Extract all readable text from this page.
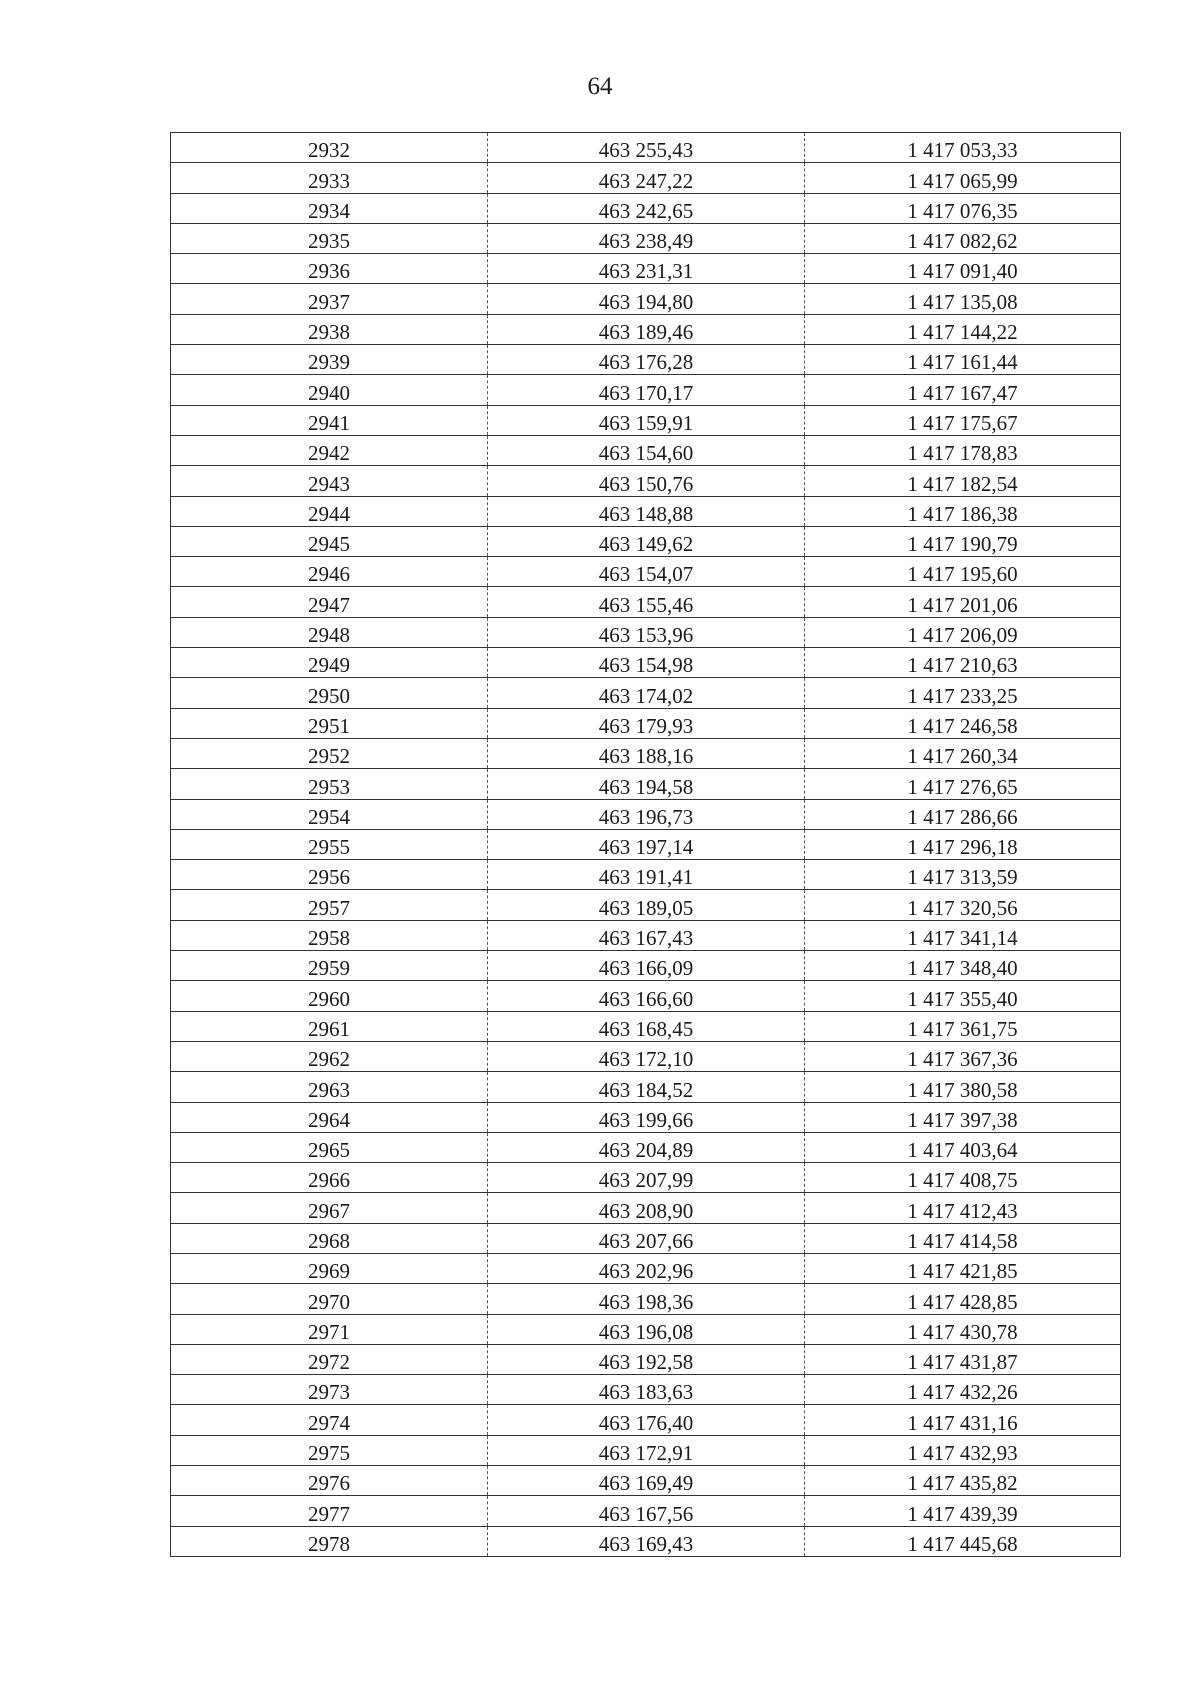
64
2932	463 255,43	1 417 053,33
2933	463 247,22	1 417 065,99
2934	463 242,65	1 417 076,35
2935	463 238,49	1 417 082,62
2936	463 231,31	1 417 091,40
2937	463 194,80	1 417 135,08
2938	463 189,46	1 417 144,22
2939	463 176,28	1 417 161,44
2940	463 170,17	1 417 167,47
2941	463 159,91	1 417 175,67
2942	463 154,60	1 417 178,83
2943	463 150,76	1 417 182,54
2944	463 148,88	1 417 186,38
2945	463 149,62	1 417 190,79
2946	463 154,07	1 417 195,60
2947	463 155,46	1 417 201,06
2948	463 153,96	1 417 206,09
2949	463 154,98	1 417 210,63
2950	463 174,02	1 417 233,25
2951	463 179,93	1 417 246,58
2952	463 188,16	1 417 260,34
2953	463 194,58	1 417 276,65
2954	463 196,73	1 417 286,66
2955	463 197,14	1 417 296,18
2956	463 191,41	1 417 313,59
2957	463 189,05	1 417 320,56
2958	463 167,43	1 417 341,14
2959	463 166,09	1 417 348,40
2960	463 166,60	1 417 355,40
2961	463 168,45	1 417 361,75
2962	463 172,10	1 417 367,36
2963	463 184,52	1 417 380,58
2964	463 199,66	1 417 397,38
2965	463 204,89	1 417 403,64
2966	463 207,99	1 417 408,75
2967	463 208,90	1 417 412,43
2968	463 207,66	1 417 414,58
2969	463 202,96	1 417 421,85
2970	463 198,36	1 417 428,85
2971	463 196,08	1 417 430,78
2972	463 192,58	1 417 431,87
2973	463 183,63	1 417 432,26
2974	463 176,40	1 417 431,16
2975	463 172,91	1 417 432,93
2976	463 169,49	1 417 435,82
2977	463 167,56	1 417 439,39
2978	463 169,43	1 417 445,68
